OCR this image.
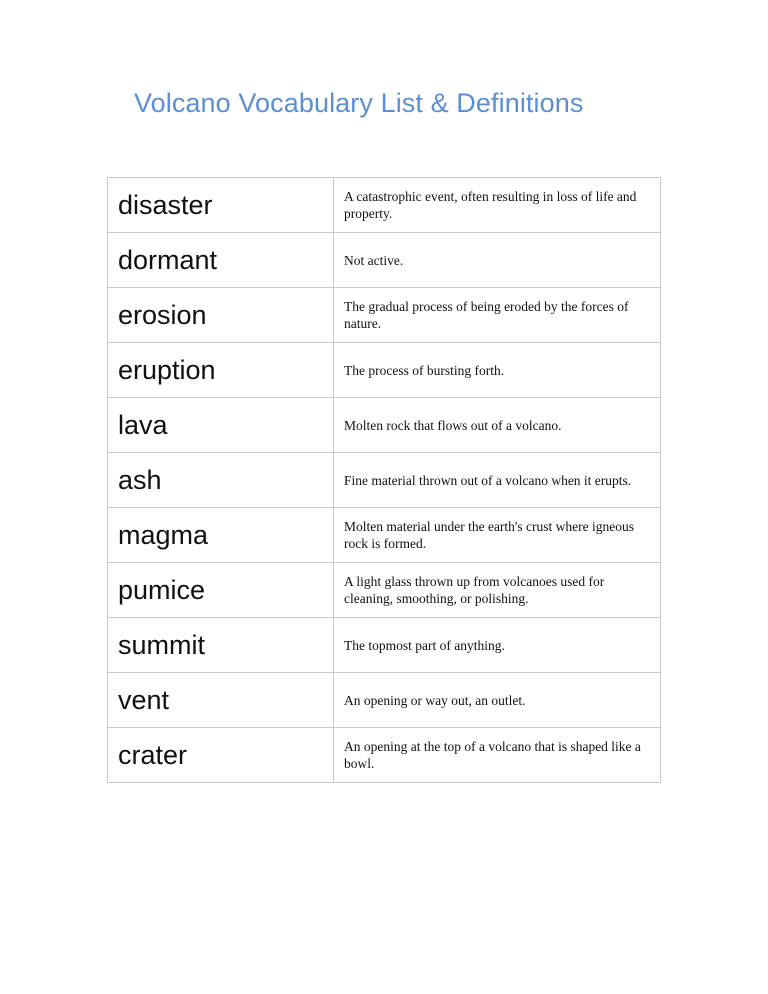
Volcano Vocabulary List & Definitions
disaster	A catastrophic event, often resulting in loss of life and property.
dormant	Not active.
erosion	The gradual process of being eroded by the forces of nature.
eruption	The process of bursting forth.
lava	Molten rock that flows out of a volcano.
ash	Fine material thrown out of a volcano when it erupts.
magma	Molten material under the earth's crust where igneous rock is formed.
pumice	A light glass thrown up from volcanoes used for cleaning, smoothing, or polishing.
summit	The topmost part of anything.
vent	An opening or way out, an outlet.
crater	An opening at the top of a volcano that is shaped like a bowl.
